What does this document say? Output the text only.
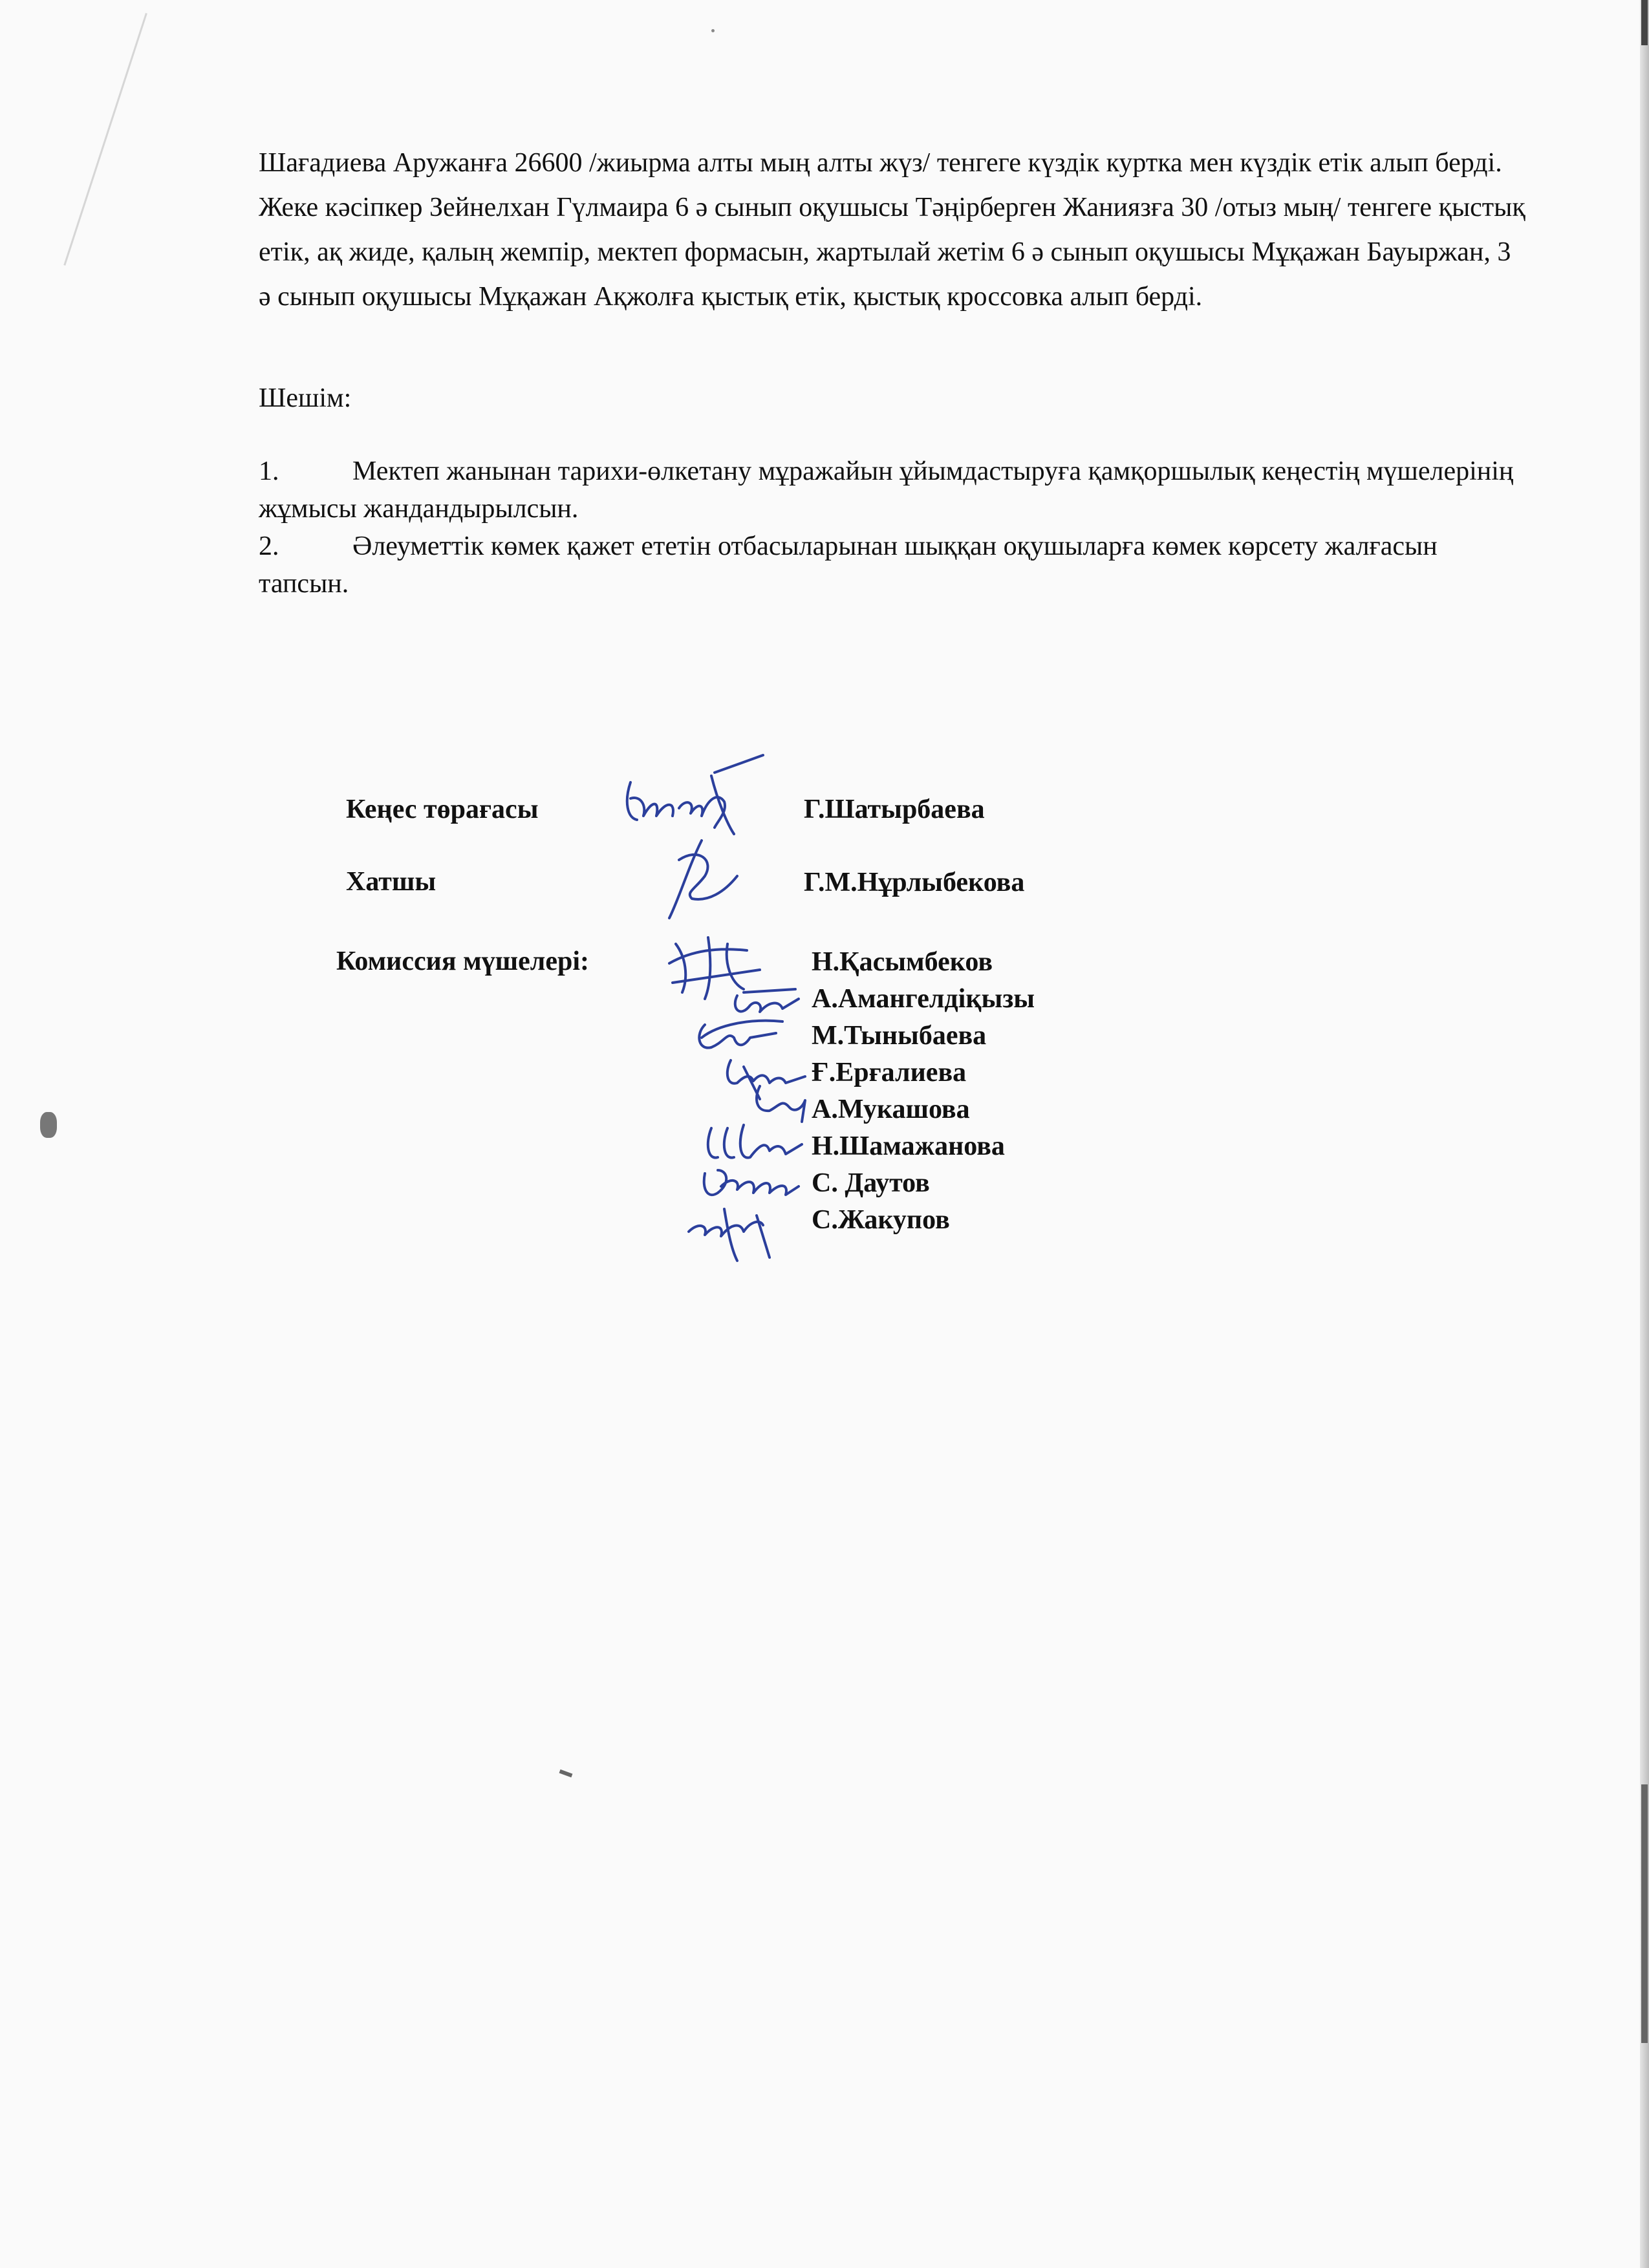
Шағадиева Аружанға 26600 /жиырма алты мың алты жүз/ тенгеге күздік куртка мен күздік етік алып берді. Жеке кәсіпкер Зейнелхан Гүлмаира 6 ә сынып оқушысы Тәңірберген Жаниязға 30 /отыз мың/ тенгеге қыстық етік, ақ жиде, қалың жемпір, мектеп формасын, жартылай жетім 6 ә сынып оқушысы Мұқажан Бауыржан, 3 ә сынып оқушысы Мұқажан Ақжолға қыстық етік, қыстық кроссовка алып берді.
Шешім:
1.	Мектеп жанынан тарихи-өлкетану мұражайын ұйымдастыруға қамқоршылық кеңестің мүшелерінің жұмысы жандандырылсын.
2.	Әлеуметтік көмек қажет ететін отбасыларынан шыққан оқушыларға көмек көрсету жалғасын тапсын.
Кеңес төрағасы	Г.Шатырбаева
Хатшы	Г.М.Нұрлыбекова
Комиссия мүшелері:	Н.Қасымбеков
А.Амангелдіқызы
М.Тыныбаева
Ғ.Ерғалиева
А.Мукашова
Н.Шамажанова
С. Даутов
С.Жакупов
